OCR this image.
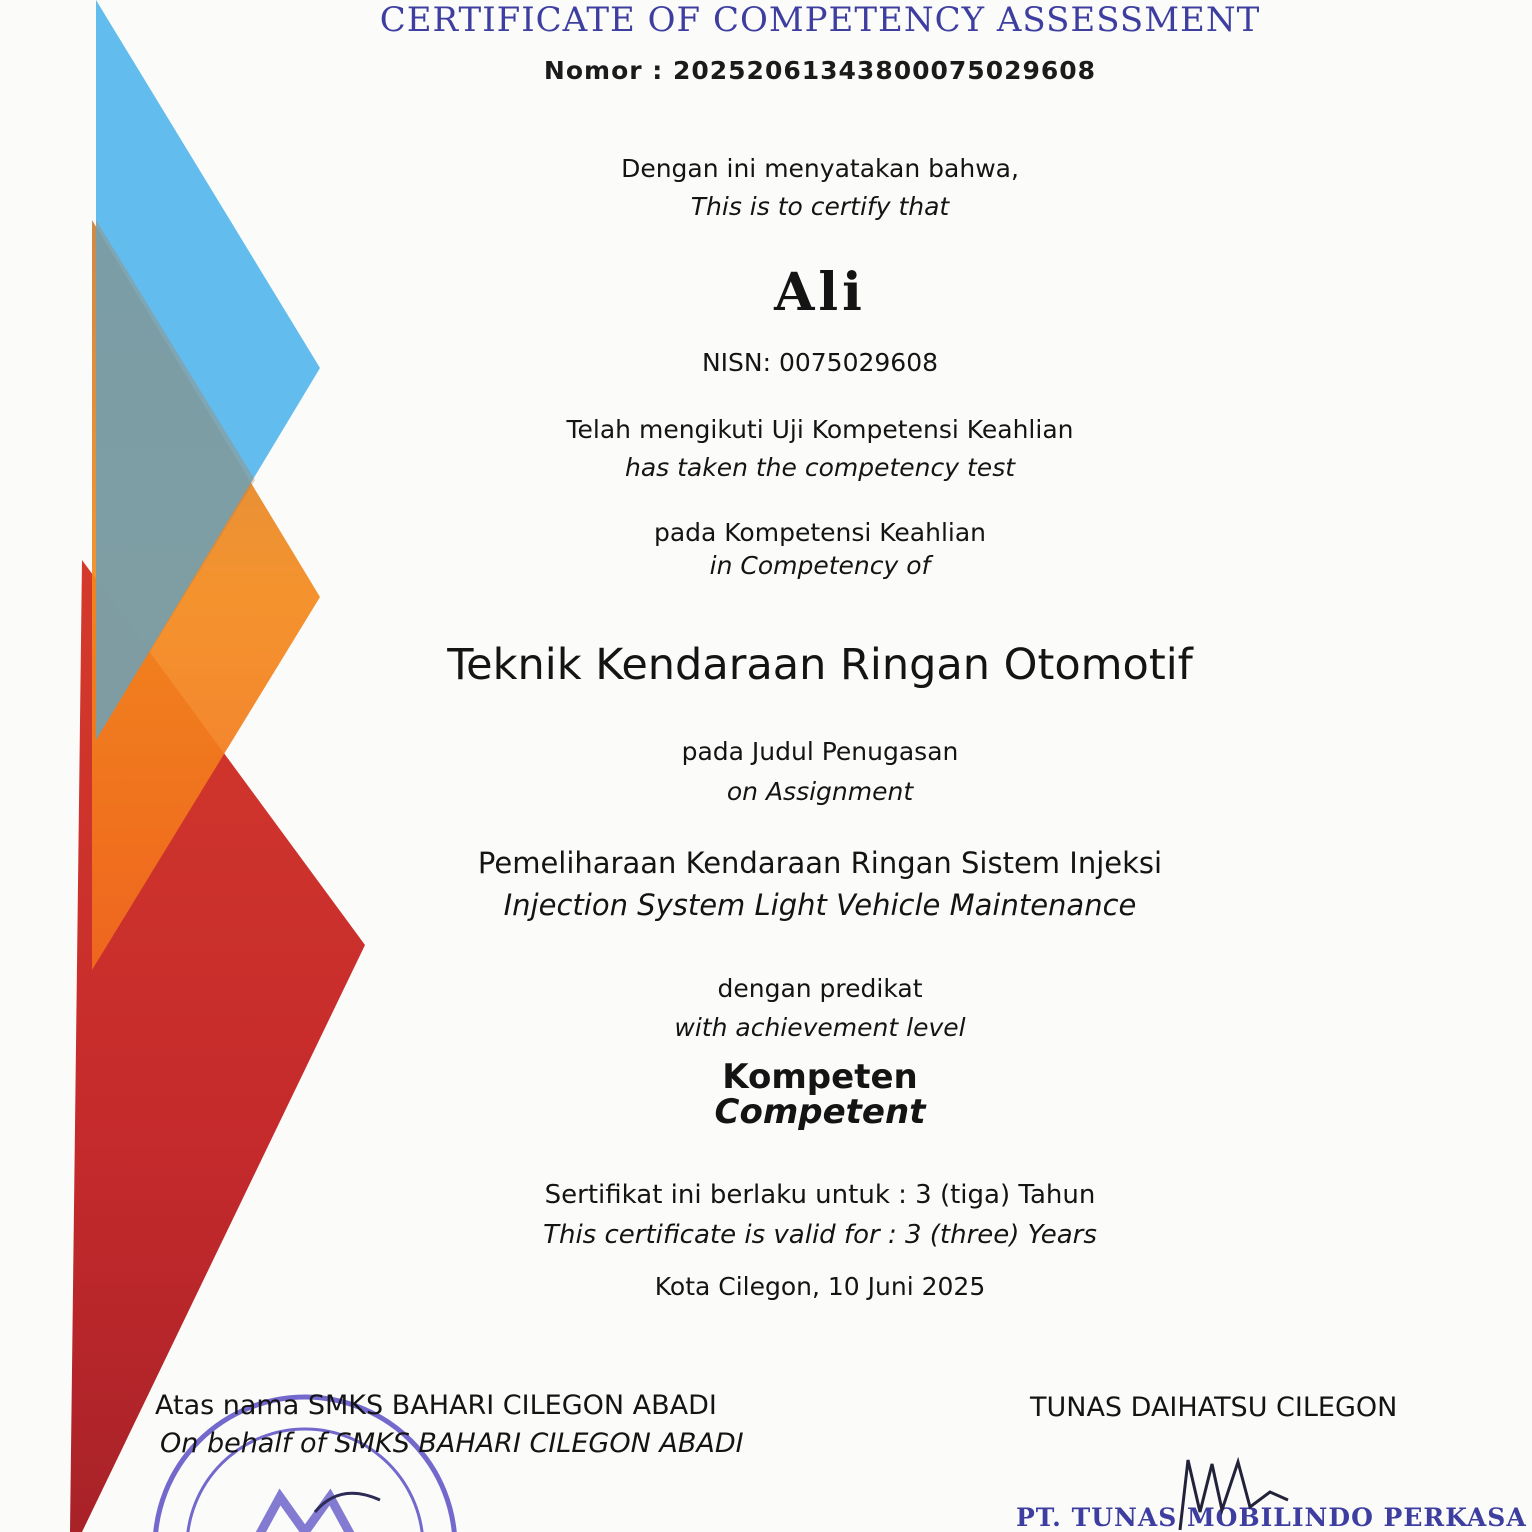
CERTIFICATE OF COMPETENCY ASSESSMENT
Nomor : 20252061343800075029608
Dengan ini menyatakan bahwa,
This is to certify that
Ali
NISN: 0075029608
Telah mengikuti Uji Kompetensi Keahlian
has taken the competency test
pada Kompetensi Keahlian
in Competency of
Teknik Kendaraan Ringan Otomotif
pada Judul Penugasan
on Assignment
Pemeliharaan Kendaraan Ringan Sistem Injeksi
Injection System Light Vehicle Maintenance
dengan predikat
with achievement level
Kompeten
Competent
Sertifikat ini berlaku untuk : 3 (tiga) Tahun
This certificate is valid for : 3 (three) Years
Kota Cilegon, 10 Juni 2025
Atas nama SMKS BAHARI CILEGON ABADI
On behalf of SMKS BAHARI CILEGON ABADI
TUNAS DAIHATSU CILEGON
PT. TUNAS MOBILINDO PERKASA
